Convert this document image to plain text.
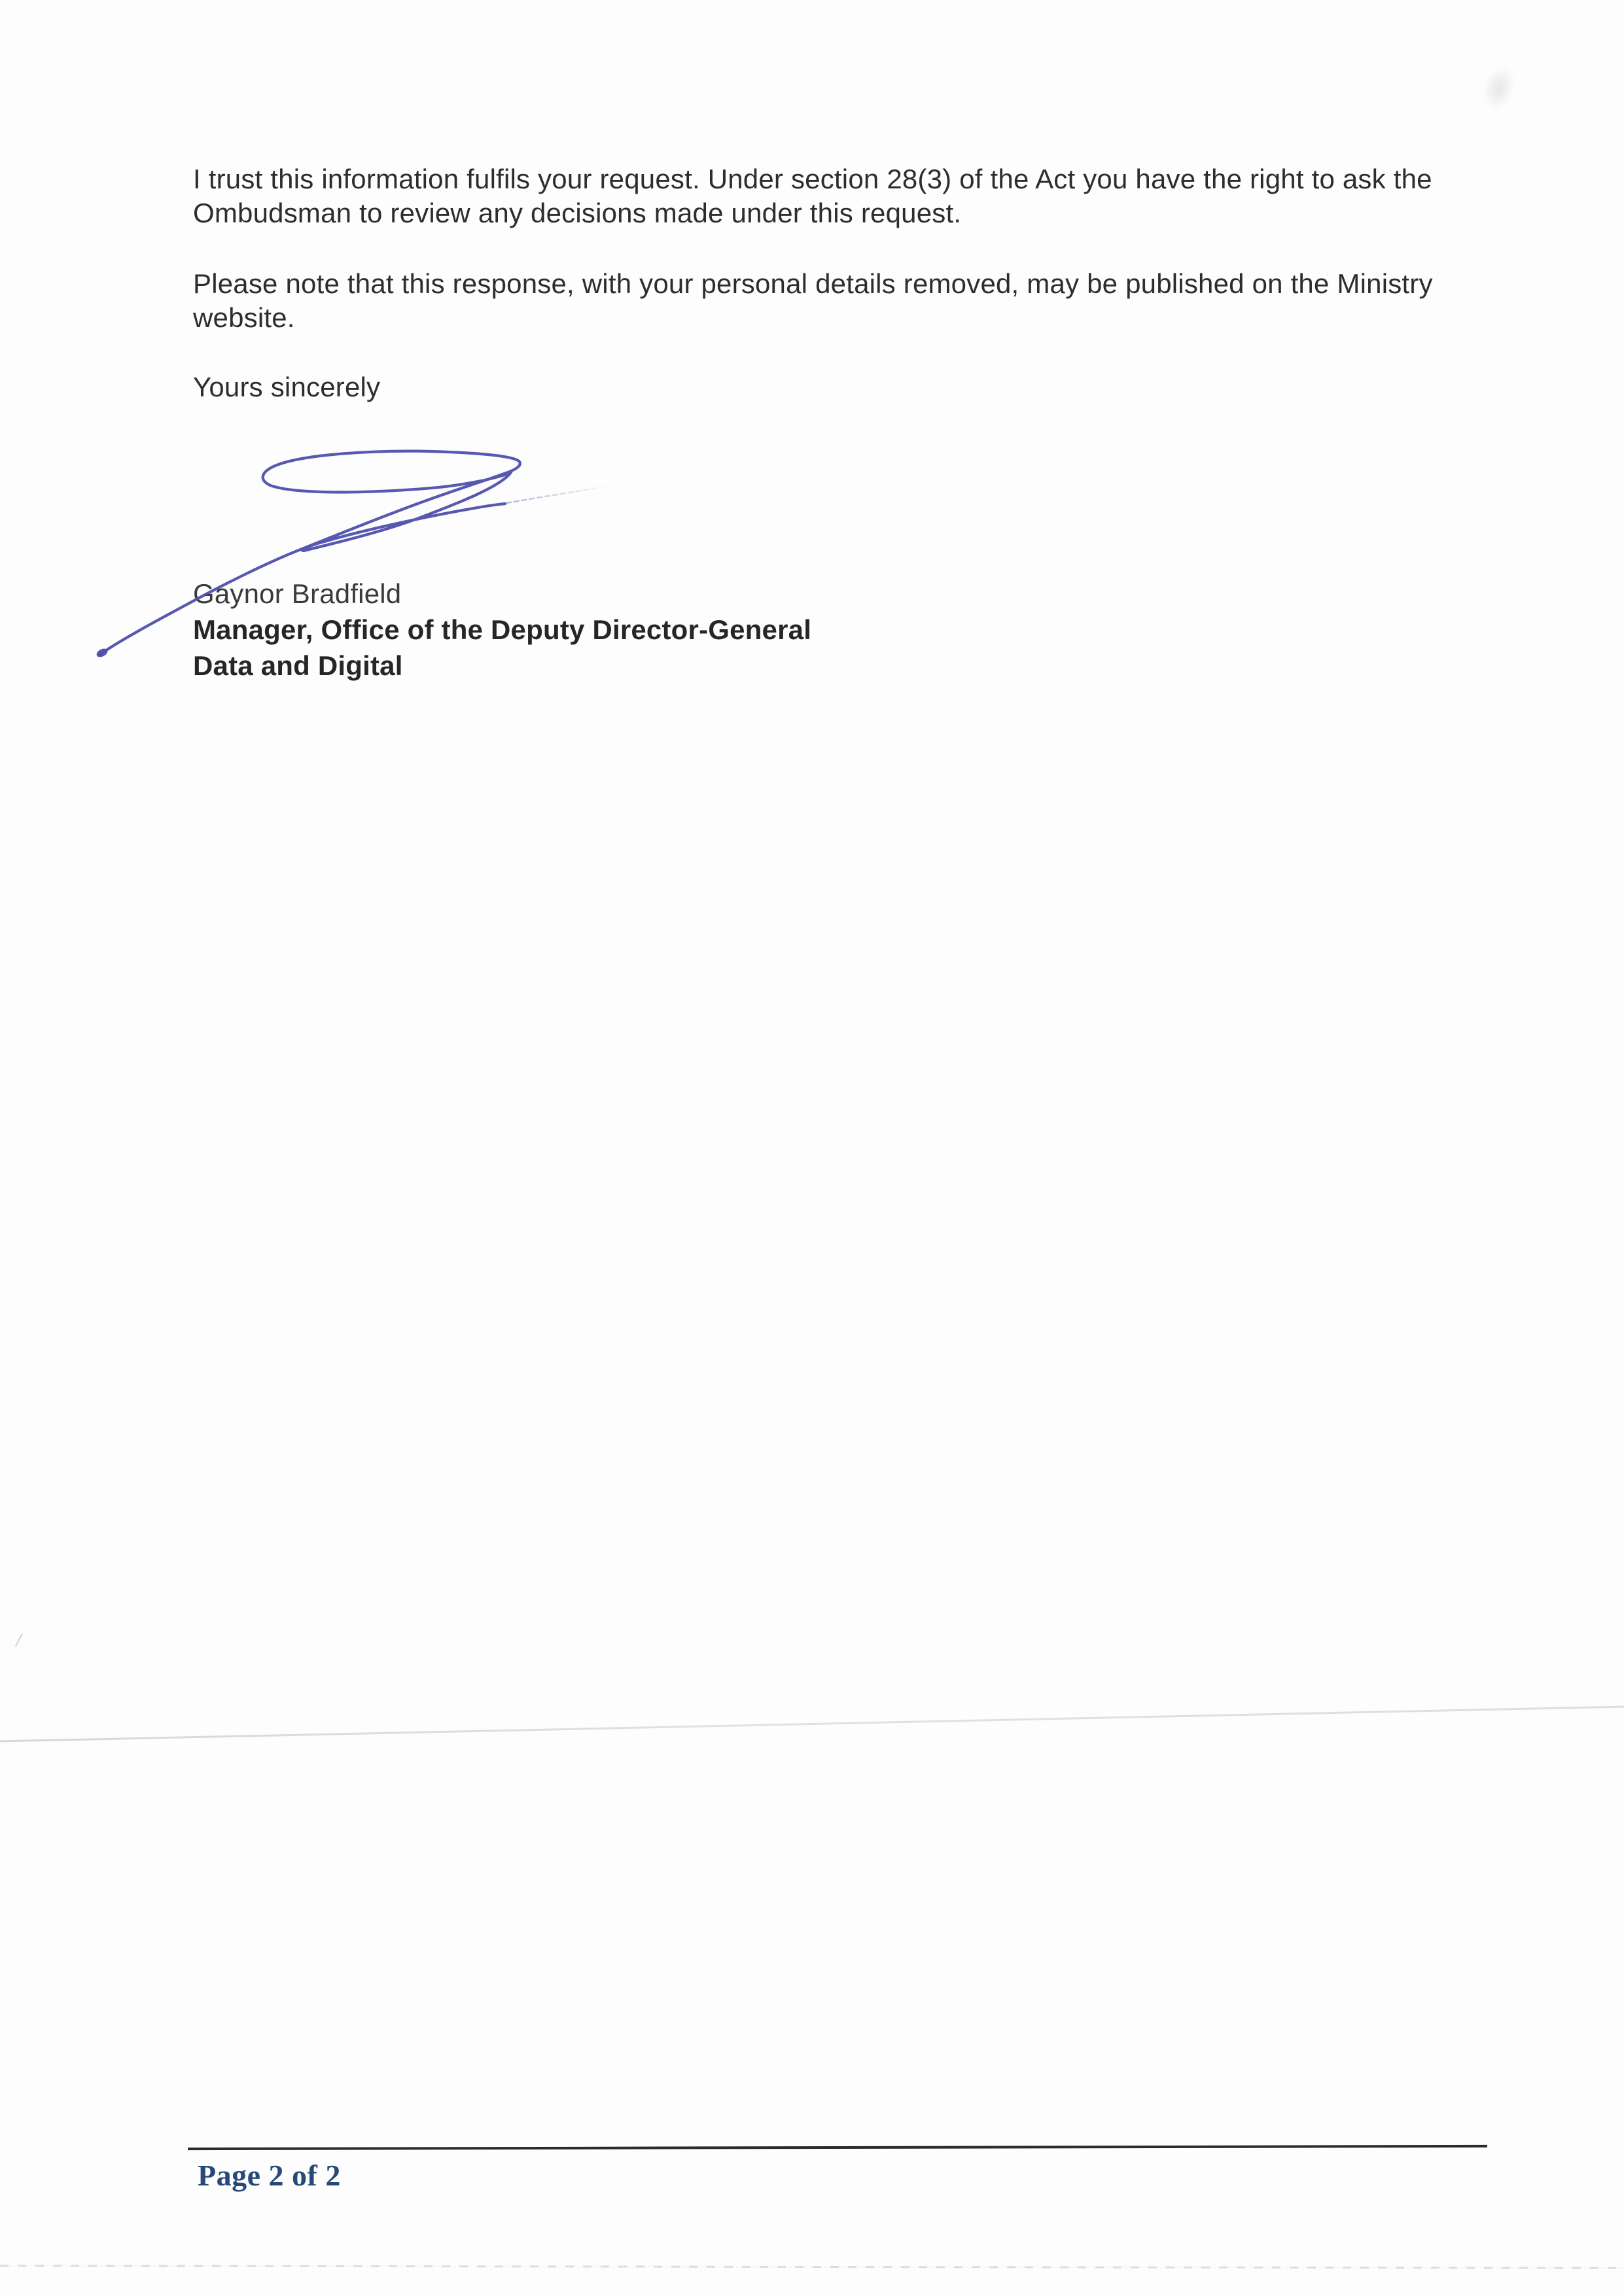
I trust this information fulfils your request. Under section 28(3) of the Act you have the right to ask the Ombudsman to review any decisions made under this request.

Please note that this response, with your personal details removed, may be published on the Ministry website.

Yours sincerely

Gaynor Bradfield

Manager, Office of the Deputy Director-General

Data and Digital

Page 2 of 2
